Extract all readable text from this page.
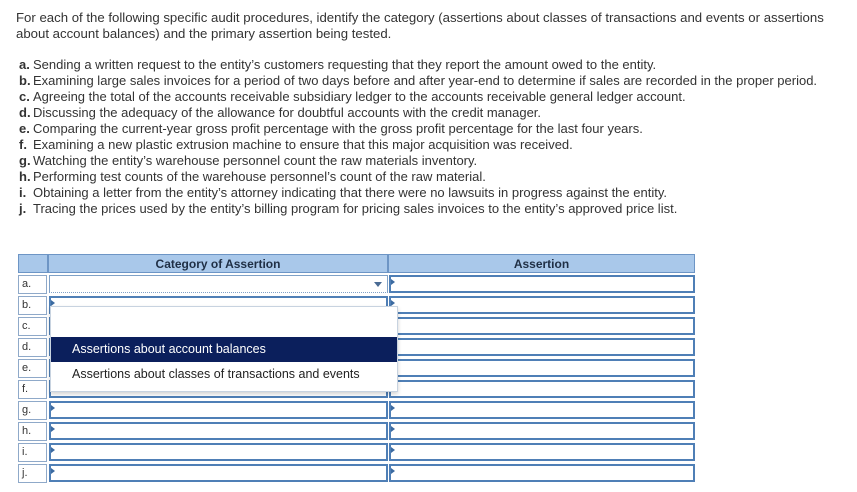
For each of the following specific audit procedures, identify the category (assertions about classes of transactions and events or assertions about account balances) and the primary assertion being tested.
a. Sending a written request to the entity’s customers requesting that they report the amount owed to the entity.
b. Examining large sales invoices for a period of two days before and after year-end to determine if sales are recorded in the proper period.
c. Agreeing the total of the accounts receivable subsidiary ledger to the accounts receivable general ledger account.
d. Discussing the adequacy of the allowance for doubtful accounts with the credit manager.
e. Comparing the current-year gross profit percentage with the gross profit percentage for the last four years.
f. Examining a new plastic extrusion machine to ensure that this major acquisition was received.
g. Watching the entity’s warehouse personnel count the raw materials inventory.
h. Performing test counts of the warehouse personnel’s count of the raw material.
i. Obtaining a letter from the entity’s attorney indicating that there were no lawsuits in progress against the entity.
j. Tracing the prices used by the entity’s billing program for pricing sales invoices to the entity’s approved price list.
Category of Assertion	Assertion
a.
b.
c.
d.
e.
f.
g.
h.
i.
j.
Assertions about account balances
Assertions about classes of transactions and events
